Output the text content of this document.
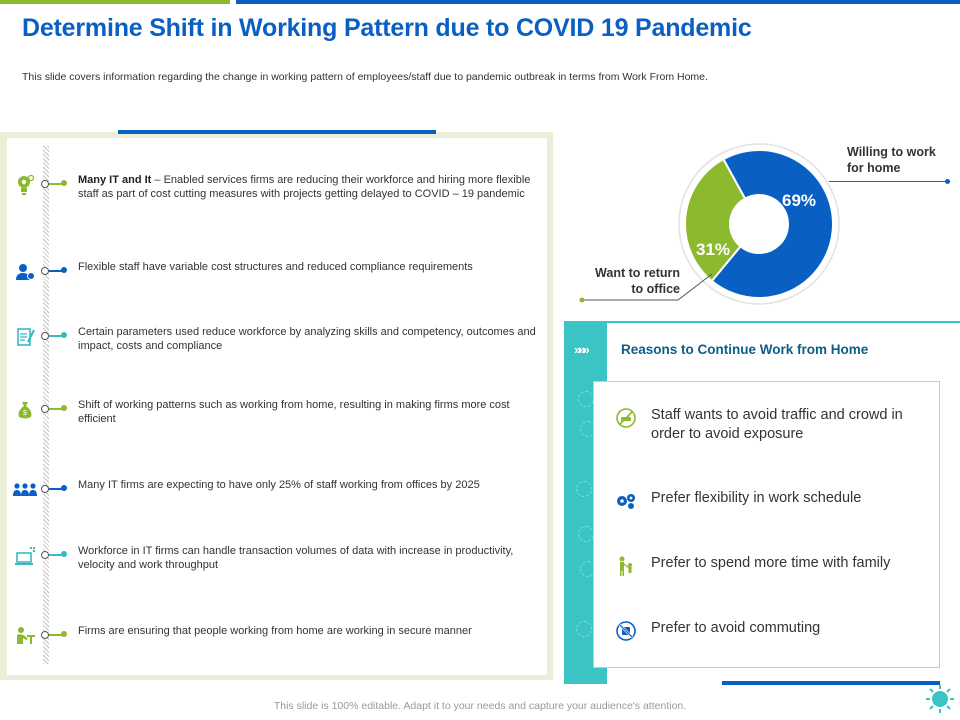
Determine Shift in Working Pattern due to COVID 19 Pandemic
This slide covers information regarding the change in working pattern of employees/staff due to pandemic outbreak in terms from Work From Home.
Many IT and It – Enabled services firms are reducing their workforce and hiring more flexible staff as part of cost cutting measures with projects getting delayed to COVID – 19 pandemic
Flexible staff have variable cost structures and reduced compliance requirements
Certain parameters used reduce workforce by analyzing skills and competency, outcomes and impact, costs and compliance
$
Shift of working patterns such as working from home, resulting in making firms more cost efficient
Many IT firms are expecting to have only 25% of staff working from offices by 2025
Workforce in IT firms can handle transaction volumes of data with increase in productivity, velocity and work throughput
Firms are ensuring that people working from home are working in secure manner
69%
31%
Willing to work
for home
Want to return
to office
»»»	Reasons to Continue Work from Home
Staff wants to avoid traffic and crowd in
order to avoid exposure
Prefer flexibility in work schedule
Prefer to spend more time with family
Prefer to avoid commuting
This slide is 100% editable. Adapt it to your needs and capture your audience's attention.
